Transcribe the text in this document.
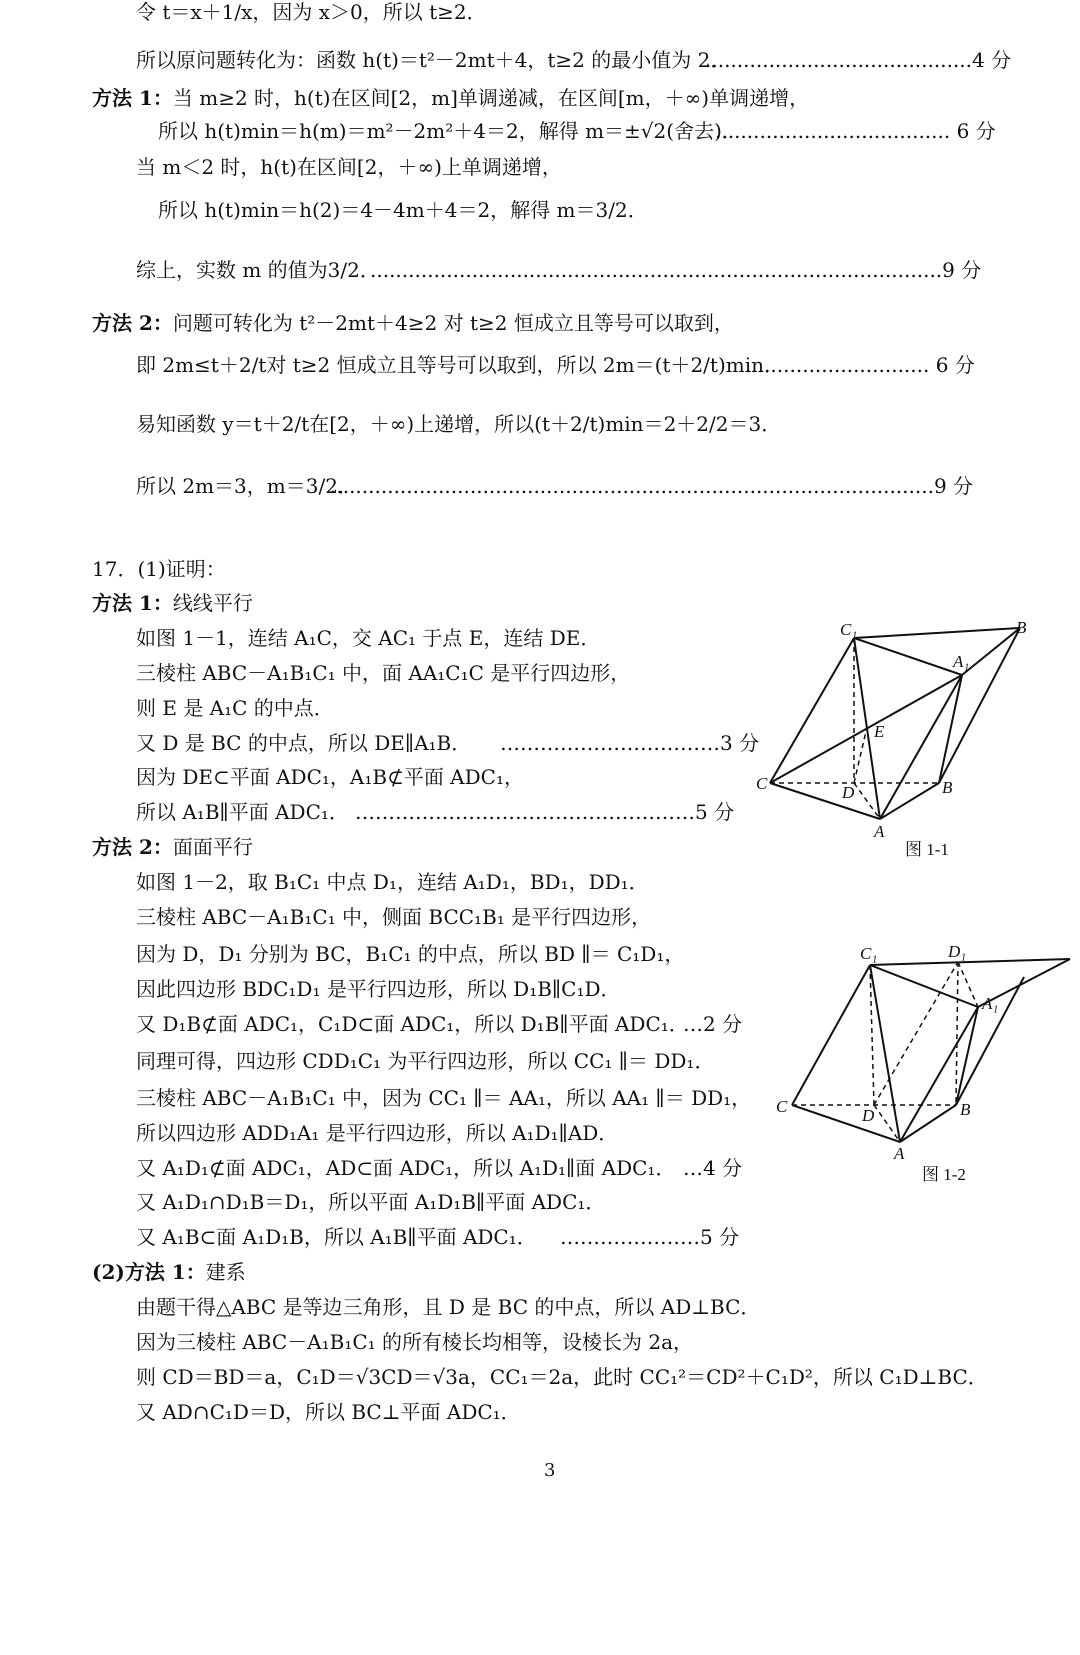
令 t＝x＋1/x，因为 x＞0，所以 t≥2．
所以原问题转化为：函数 h(t)＝t²－2mt＋4，t≥2 的最小值为 2．
..........................................4 分
方法 1：当 m≥2 时，h(t)在区间[2，m]单调递减，在区间[m，＋∞)单调递增，
所以 h(t)min＝h(m)＝m²－2m²＋4＝2，解得 m＝±√2(舍去)．
..................................... 6 分
当 m＜2 时，h(t)在区间[2，＋∞)上单调递增，
所以 h(t)min＝h(2)＝4－4m＋4＝2，解得 m＝3/2．
综上，实数 m 的值为3/2．
..........................................................................................9 分
方法 2：问题可转化为 t²－2mt＋4≥2 对 t≥2 恒成立且等号可以取到，
即 2m≤t＋2/t对 t≥2 恒成立且等号可以取到，所以 2m＝(t＋2/t)min．
............................. 6 分
易知函数 y＝t＋2/t在[2，＋∞)上递增，所以(t＋2/t)min＝2＋2/2＝3．
所以 2m＝3，m＝3/2．
...............................................................................................9 分
17．(1)证明：
方法 1：线线平行
如图 1－1，连结 A₁C，交 AC₁ 于点 E，连结 DE．
三棱柱 ABC－A₁B₁C₁ 中，面 AA₁C₁C 是平行四边形，
则 E 是 A₁C 的中点．
又 D 是 BC 的中点，所以 DE∥A₁B． ……………………………3 分
因为 DE⊂平面 ADC₁，A₁B⊄平面 ADC₁，
所以 A₁B∥平面 ADC₁． ……………………………………………5 分
方法 2：面面平行
如图 1－2，取 B₁C₁ 中点 D₁，连结 A₁D₁，BD₁，DD₁．
三棱柱 ABC－A₁B₁C₁ 中，侧面 BCC₁B₁ 是平行四边形，
因为 D，D₁ 分别为 BC，B₁C₁ 的中点，所以 BD ∥＝ C₁D₁，
因此四边形 BDC₁D₁ 是平行四边形，所以 D₁B∥C₁D．
又 D₁B⊄面 ADC₁，C₁D⊂面 ADC₁，所以 D₁B∥平面 ADC₁．
…2 分
同理可得，四边形 CDD₁C₁ 为平行四边形，所以 CC₁ ∥＝ DD₁．
三棱柱 ABC－A₁B₁C₁ 中，因为 CC₁ ∥＝ AA₁，所以 AA₁ ∥＝ DD₁，
所以四边形 ADD₁A₁ 是平行四边形，所以 A₁D₁∥AD．
又 A₁D₁⊄面 ADC₁，AD⊂面 ADC₁，所以 A₁D₁∥面 ADC₁． …4 分
又 A₁D₁∩D₁B＝D₁，所以平面 A₁D₁B∥平面 ADC₁．
又 A₁B⊂面 A₁D₁B，所以 A₁B∥平面 ADC₁． …………………5 分
(2)方法 1：建系
由题干得△ABC 是等边三角形，且 D 是 BC 的中点，所以 AD⊥BC．
因为三棱柱 ABC－A₁B₁C₁ 的所有棱长均相等，设棱长为 2a，
则 CD＝BD＝a，C₁D＝√3CD＝√3a，CC₁＝2a，此时 CC₁²＝CD²＋C₁D²，所以 C₁D⊥BC．
又 AD∩C₁D＝D，所以 BC⊥平面 ADC₁．
C₁	B
A₁
E
C	D	B
A
图 1-1
C₁	D₁
A₁
C	D	B
A
图 1-2
3
